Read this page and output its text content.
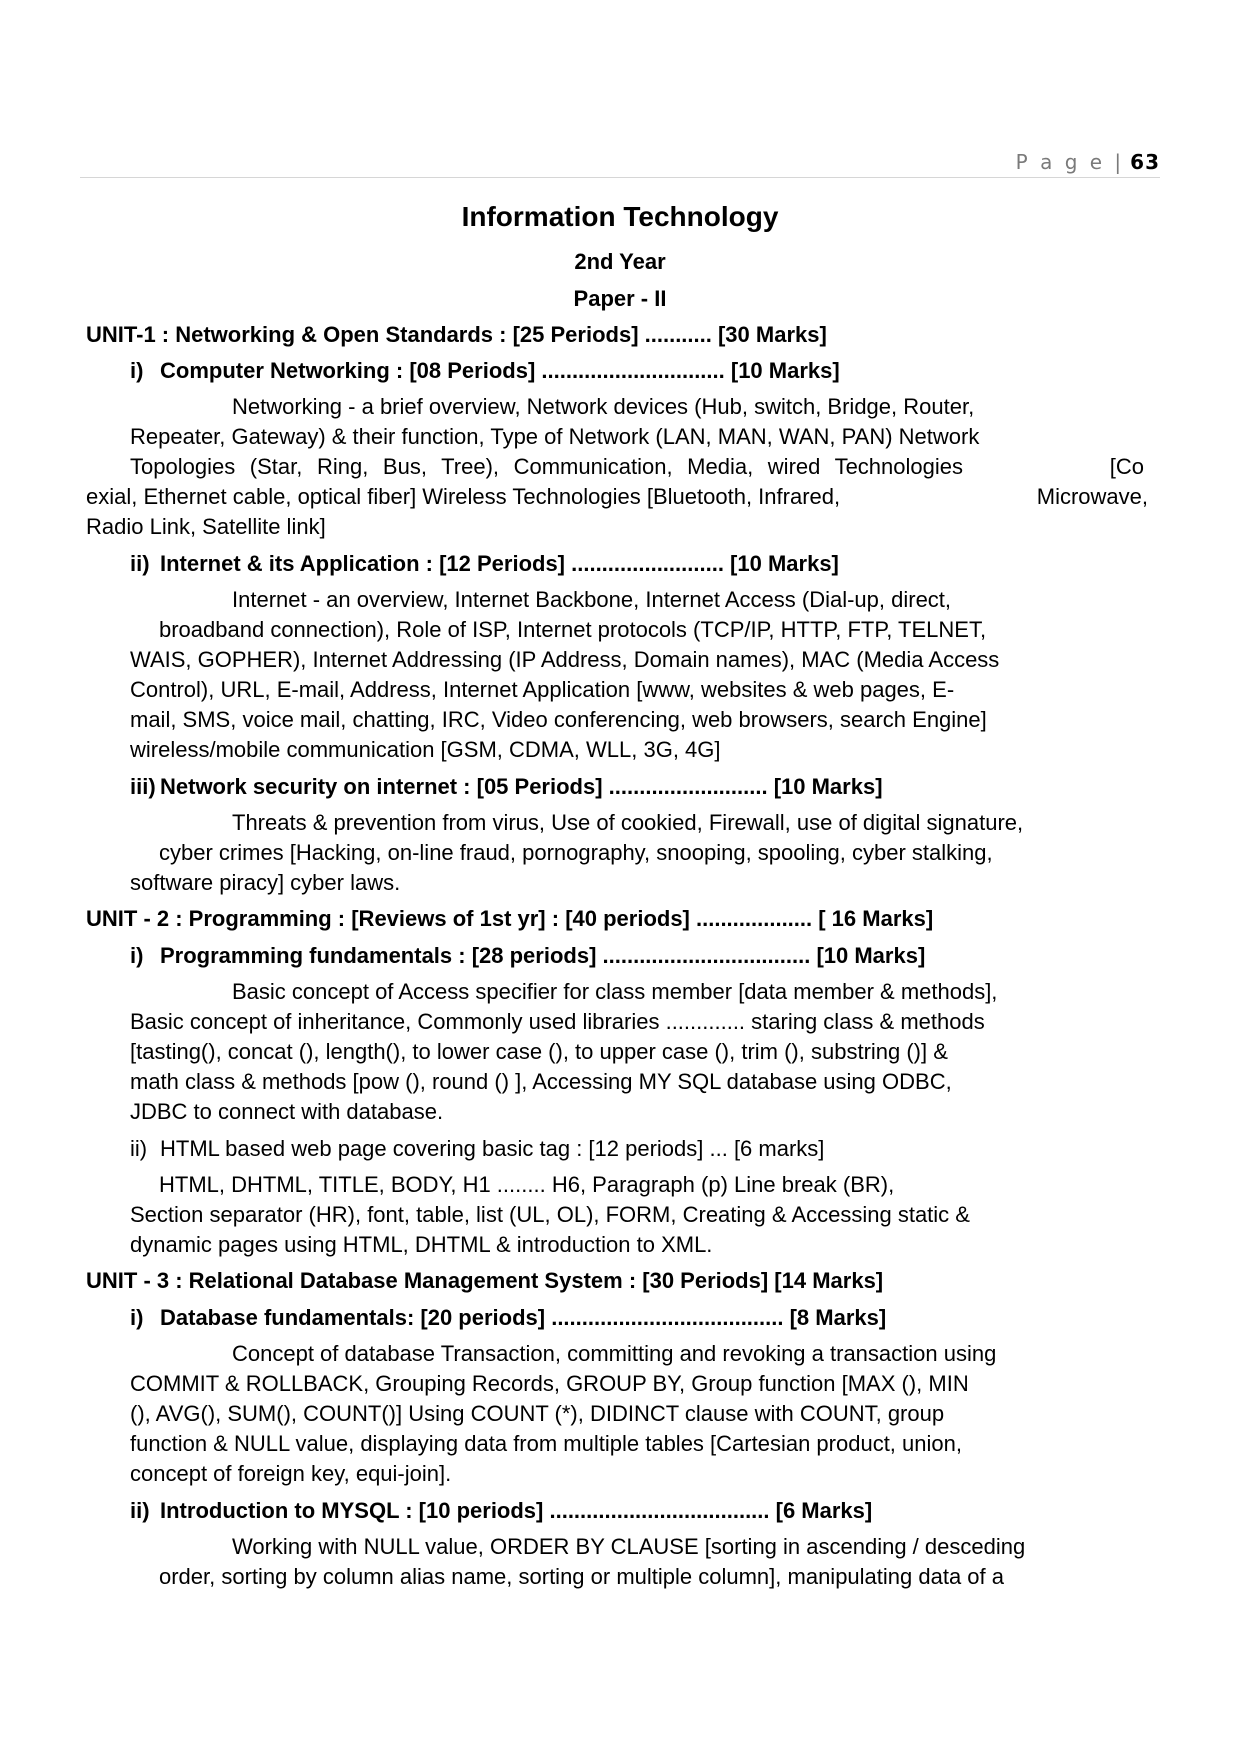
P a g e | 63
Information Technology
2nd Year
Paper - II
UNIT-1 : Networking & Open Standards : [25 Periods] ........... [30 Marks]
i) Computer Networking : [08 Periods] .............................. [10 Marks]
Networking - a brief overview, Network devices (Hub, switch, Bridge, Router,
Repeater, Gateway) & their function, Type of Network (LAN, MAN, WAN, PAN) Network
Topologies (Star, Ring, Bus, Tree), Communication, Media, wired Technologies	[Co
exial, Ethernet cable, optical fiber] Wireless Technologies [Bluetooth, Infrared,	Microwave,
Radio Link, Satellite link]
ii) Internet & its Application : [12 Periods] ......................... [10 Marks]
Internet - an overview, Internet Backbone, Internet Access (Dial-up, direct,
broadband connection), Role of ISP, Internet protocols (TCP/IP, HTTP, FTP, TELNET,
WAIS, GOPHER), Internet Addressing (IP Address, Domain names), MAC (Media Access
Control), URL, E-mail, Address, Internet Application [www, websites & web pages, E-
mail, SMS, voice mail, chatting, IRC, Video conferencing, web browsers, search Engine]
wireless/mobile communication [GSM, CDMA, WLL, 3G, 4G]
iii) Network security on internet : [05 Periods] .......................... [10 Marks]
Threats & prevention from virus, Use of cookied, Firewall, use of digital signature,
cyber crimes [Hacking, on-line fraud, pornography, snooping, spooling, cyber stalking,
software piracy] cyber laws.
UNIT - 2 : Programming : [Reviews of 1st yr] : [40 periods] ................... [ 16 Marks]
i) Programming fundamentals : [28 periods] .................................. [10 Marks]
Basic concept of Access specifier for class member [data member & methods],
Basic concept of inheritance, Commonly used libraries ............. staring class & methods
[tasting(), concat (), length(), to lower case (), to upper case (), trim (), substring ()] &
math class & methods [pow (), round () ], Accessing MY SQL database using ODBC,
JDBC to connect with database.
ii) HTML based web page covering basic tag : [12 periods] ... [6 marks]
HTML, DHTML, TITLE, BODY, H1 ........ H6, Paragraph (p) Line break (BR),
Section separator (HR), font, table, list (UL, OL), FORM, Creating & Accessing static &
dynamic pages using HTML, DHTML & introduction to XML.
UNIT - 3 : Relational Database Management System : [30 Periods] [14 Marks]
i) Database fundamentals: [20 periods] ...................................... [8 Marks]
Concept of database Transaction, committing and revoking a transaction using
COMMIT & ROLLBACK, Grouping Records, GROUP BY, Group function [MAX (), MIN
(), AVG(), SUM(), COUNT()] Using COUNT (*), DIDINCT clause with COUNT, group
function & NULL value, displaying data from multiple tables [Cartesian product, union,
concept of foreign key, equi-join].
ii) Introduction to MYSQL : [10 periods] .................................... [6 Marks]
Working with NULL value, ORDER BY CLAUSE [sorting in ascending / desceding
order, sorting by column alias name, sorting or multiple column], manipulating data of a
